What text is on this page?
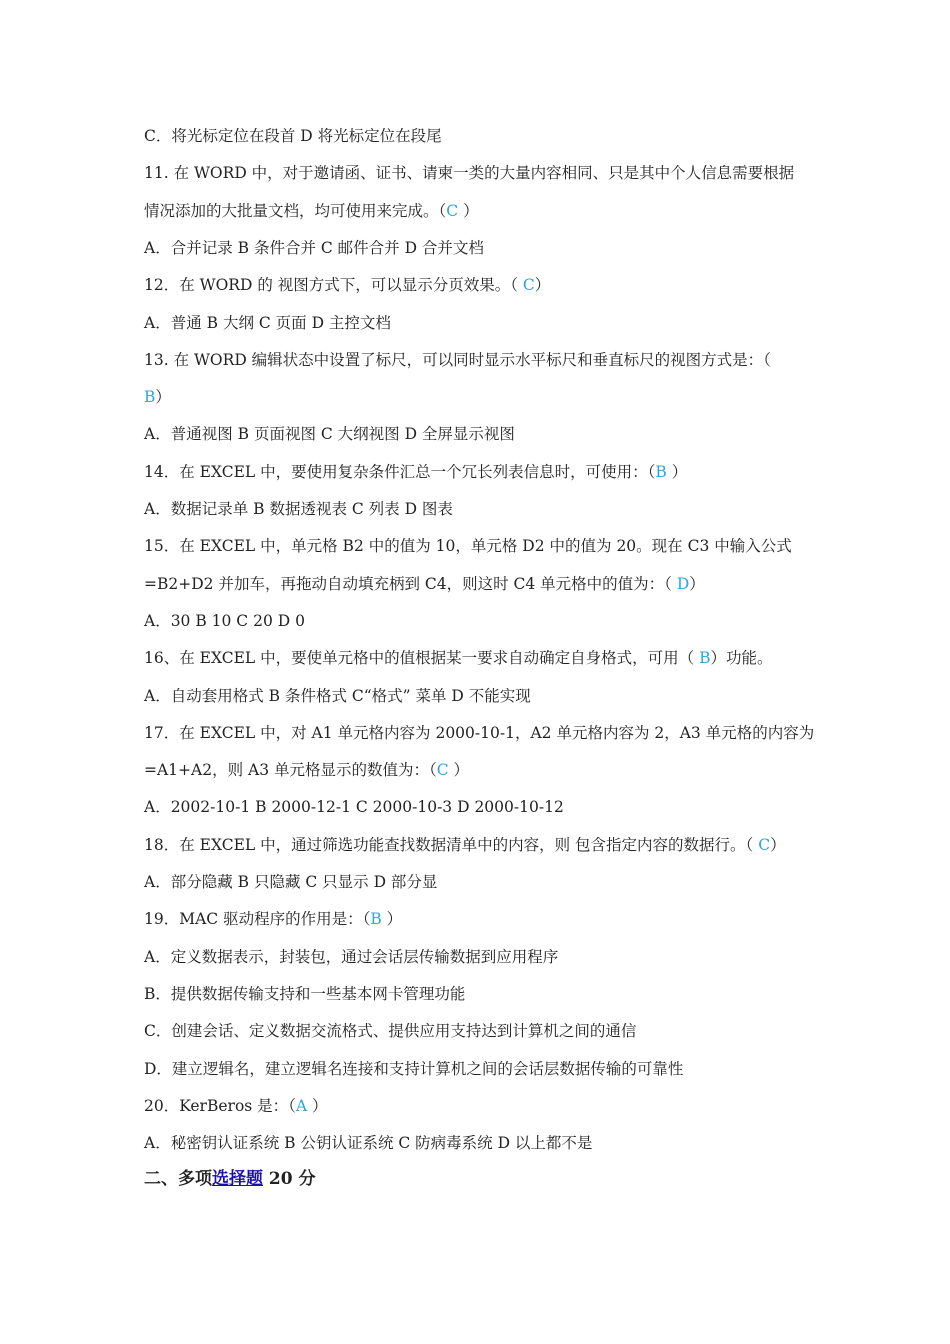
C．将光标定位在段首 D 将光标定位在段尾
11. 在 WORD 中，对于邀请函、证书、请柬一类的大量内容相同、只是其中个人信息需要根据
情况添加的大批量文档，均可使用来完成。（C ）
A．合并记录 B 条件合并 C 邮件合并 D 合并文档
12．在 WORD 的 视图方式下，可以显示分页效果。（ C）
A．普通 B 大纲 C 页面 D 主控文档
13. 在 WORD 编辑状态中设置了标尺，可以同时显示水平标尺和垂直标尺的视图方式是：（
B）
A．普通视图 B 页面视图 C 大纲视图 D 全屏显示视图
14．在 EXCEL 中，要使用复杂条件汇总一个冗长列表信息时，可使用：（B ）
A．数据记录单 B 数据透视表 C 列表 D 图表
15．在 EXCEL 中，单元格 B2 中的值为 10，单元格 D2 中的值为 20。现在 C3 中输入公式
=B2+D2 并加车，再拖动自动填充柄到 C4，则这时 C4 单元格中的值为：（ D）
A．30 B 10 C 20 D 0
16、在 EXCEL 中，要使单元格中的值根据某一要求自动确定自身格式，可用（ B）功能。
A．自动套用格式 B 条件格式 C“格式” 菜单 D 不能实现
17．在 EXCEL 中，对 A1 单元格内容为 2000-10-1，A2 单元格内容为 2，A3 单元格的内容为
=A1+A2，则 A3 单元格显示的数值为：（C ）
A．2002-10-1 B 2000-12-1 C 2000-10-3 D 2000-10-12
18．在 EXCEL 中，通过筛选功能查找数据清单中的内容，则 包含指定内容的数据行。（ C）
A．部分隐藏 B 只隐藏 C 只显示 D 部分显
19．MAC 驱动程序的作用是：（B ）
A．定义数据表示，封装包，通过会话层传输数据到应用程序
B．提供数据传输支持和一些基本网卡管理功能
C．创建会话、定义数据交流格式、提供应用支持达到计算机之间的通信
D．建立逻辑名，建立逻辑名连接和支持计算机之间的会话层数据传输的可靠性
20．KerBeros 是：（A ）
A．秘密钥认证系统 B 公钥认证系统 C 防病毒系统 D 以上都不是
二、多项选择题 20 分
